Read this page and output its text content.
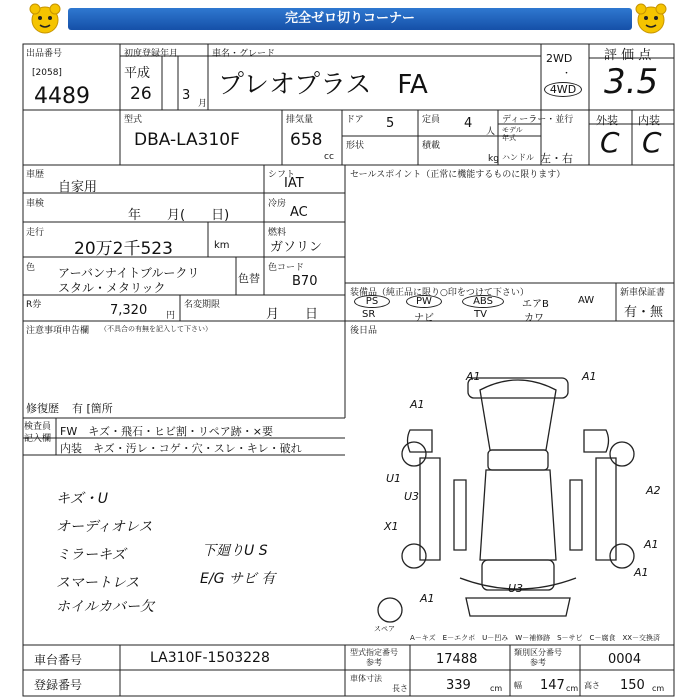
完全ゼロ切りコーナー
出品番号
[2058]
4489
初度登録年月
平成
26 3
月
車名・グレード
プレオプラス　FA
2WD
・
4WD
評 価 点
3.5
型式
DBA-LA310F
排気量
658
cc
ドア 5	定員 4
人
形状	積載
kg
ディーラー・並行
モデル
年式
ハンドル 左・右
外装 内装
C C
車歴
自家用
車検
年　　月(　　日)
走行
20万2千523	km
色 アーバンナイトブルークリ
スタル・メタリック
色替
R券	7,320 円
名変期限
月　　日
シフト
IAT
冷房
AC
燃料
ガソリン
色コード
B70
セールスポイント（正常に機能するものに限ります）
装備品（純正品に限り○印をつけて下さい）	新車保証書
有・無
PS	PW	ABS	エアB	AW
SR	ナビ	TV	カワ
注意事項申告欄 （不具合の有無を記入して下さい）	後日品
修復歴 有 [箇所
検査員
記入欄
FW　キズ・飛石・ヒビ割・リペア跡・×要
内装　キズ・汚レ・コゲ・穴・スレ・キレ・破れ
キズ・U
オーディオレス
ミラーキズ
スマートレス
ホイルカバー欠
下廻りU S
E/G サビ 有
A1
A1
U1
U3
X1
U3
A2
A1
A1
A1
A1
スペア
A－キズ　E－エクボ　U－凹み　W－補修跡　S－サビ　C－腐食　XX－交換済
車台番号	LA310F-1503228
登録番号
型式指定番号
参考	17488	類別区分番号
参考	0004
車体寸法
長さ	339 cm 幅 147 cm 高さ 150 cm
